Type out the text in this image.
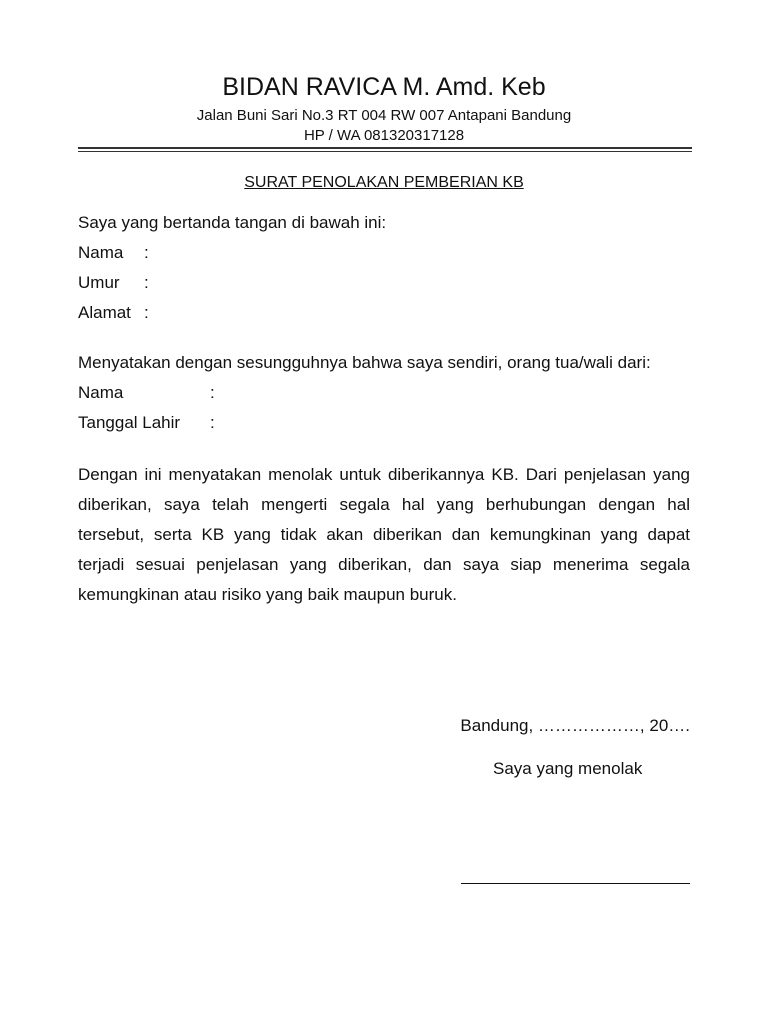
BIDAN RAVICA M. Amd. Keb
Jalan Buni Sari No.3 RT 004 RW 007 Antapani Bandung
HP / WA 081320317128
SURAT PENOLAKAN PEMBERIAN KB
Saya yang bertanda tangan di bawah ini:
Nama :
Umur :
Alamat :
Menyatakan dengan sesungguhnya bahwa saya sendiri, orang tua/wali dari:
Nama	:
Tanggal Lahir :
Dengan ini menyatakan menolak untuk diberikannya KB. Dari penjelasan yang diberikan, saya telah mengerti segala hal yang berhubungan dengan hal tersebut, serta KB yang tidak akan diberikan dan kemungkinan yang dapat terjadi sesuai penjelasan yang diberikan, dan saya siap menerima segala kemungkinan atau risiko yang baik maupun buruk.
Bandung, ………………, 20….
Saya yang menolak
